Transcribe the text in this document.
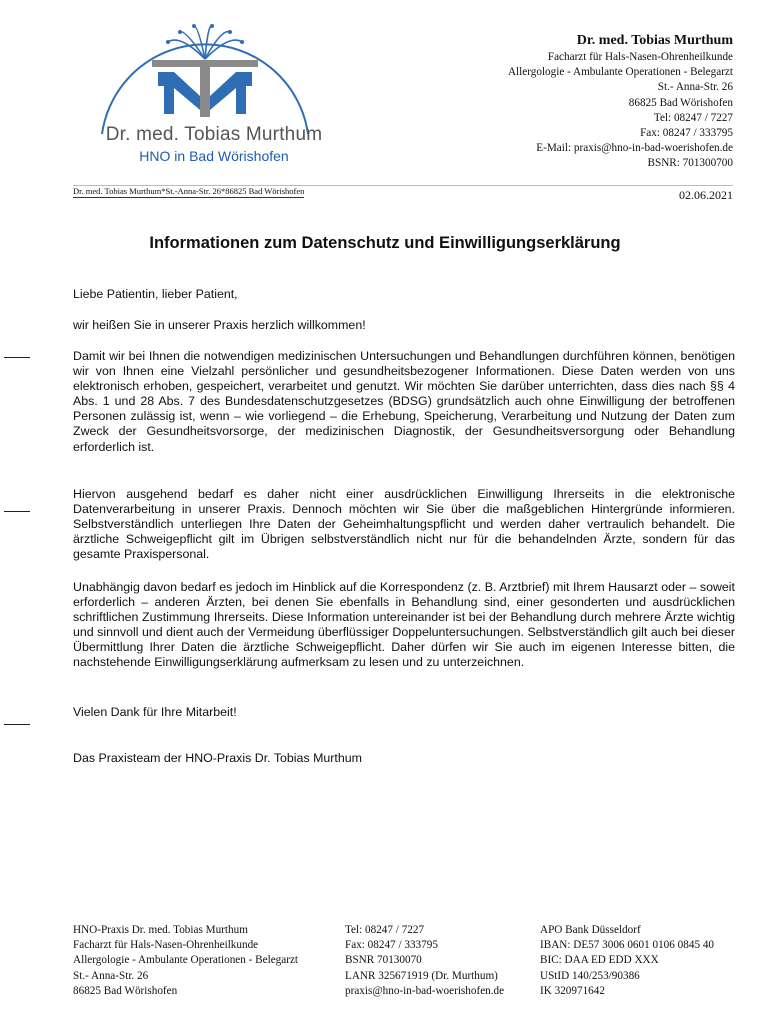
Dr. med. Tobias Murthum
HNO in Bad Wörishofen
Dr. med. Tobias Murthum
Facharzt für Hals-Nasen-Ohrenheilkunde
Allergologie - Ambulante Operationen - Belegarzt
St.- Anna-Str. 26
86825 Bad Wörishofen
Tel: 08247 / 7227
Fax: 08247 / 333795
E-Mail: praxis@hno-in-bad-woerishofen.de
BSNR: 701300700
Dr. med. Tobias Murthum*St.-Anna-Str. 26*86825 Bad Wörishofen	02.06.2021
Informationen zum Datenschutz und Einwilligungserklärung

Liebe Patientin, lieber Patient,

wir heißen Sie in unserer Praxis herzlich willkommen!

Damit wir bei Ihnen die notwendigen medizinischen Untersuchungen und Behandlungen durchführen können, benötigen wir von Ihnen eine Vielzahl persönlicher und gesundheitsbezogener Informationen. Diese Daten werden von uns elektronisch erhoben, gespeichert, verarbeitet und genutzt. Wir möchten Sie darüber unterrichten, dass dies nach §§ 4 Abs. 1 und 28 Abs. 7 des Bundesdatenschutzgesetzes (BDSG) grundsätzlich auch ohne Einwilligung der betroffenen Personen zulässig ist, wenn – wie vorliegend – die Erhebung, Speicherung, Verarbeitung und Nutzung der Daten zum Zweck der Gesundheitsvorsorge, der medizinischen Diagnostik, der Gesundheitsversorgung oder Behandlung erforderlich ist.

Hiervon ausgehend bedarf es daher nicht einer ausdrücklichen Einwilligung Ihrerseits in die elektronische Datenverarbeitung in unserer Praxis. Dennoch möchten wir Sie über die maßgeblichen Hintergründe informieren. Selbstverständlich unterliegen Ihre Daten der Geheimhaltungspflicht und werden daher vertraulich behandelt. Die ärztliche Schweigepflicht gilt im Übrigen selbstverständlich nicht nur für die behandelnden Ärzte, sondern für das gesamte Praxispersonal.

Unabhängig davon bedarf es jedoch im Hinblick auf die Korrespondenz (z. B. Arztbrief) mit Ihrem Hausarzt oder – soweit erforderlich – anderen Ärzten, bei denen Sie ebenfalls in Behandlung sind, einer gesonderten und ausdrücklichen schriftlichen Zustimmung Ihrerseits. Diese Information untereinander ist bei der Behandlung durch mehrere Ärzte wichtig und sinnvoll und dient auch der Vermeidung überflüssiger Doppeluntersuchungen. Selbstverständlich gilt auch bei dieser Übermittlung Ihrer Daten die ärztliche Schweigepflicht. Daher dürfen wir Sie auch im eigenen Interesse bitten, die nachstehende Einwilligungserklärung aufmerksam zu lesen und zu unterzeichnen.

Vielen Dank für Ihre Mitarbeit!

Das Praxisteam der HNO-Praxis Dr. Tobias Murthum

HNO-Praxis Dr. med. Tobias Murthum
Facharzt für Hals-Nasen-Ohrenheilkunde
Allergologie - Ambulante Operationen - Belegarzt
St.- Anna-Str. 26
86825 Bad Wörishofen
Tel: 08247 / 7227
Fax: 08247 / 333795
BSNR 70130070
LANR 325671919 (Dr. Murthum)
praxis@hno-in-bad-woerishofen.de
APO Bank Düsseldorf
IBAN: DE57 3006 0601 0106 0845 40
BIC: DAA ED EDD XXX
UStID 140/253/90386
IK 320971642
